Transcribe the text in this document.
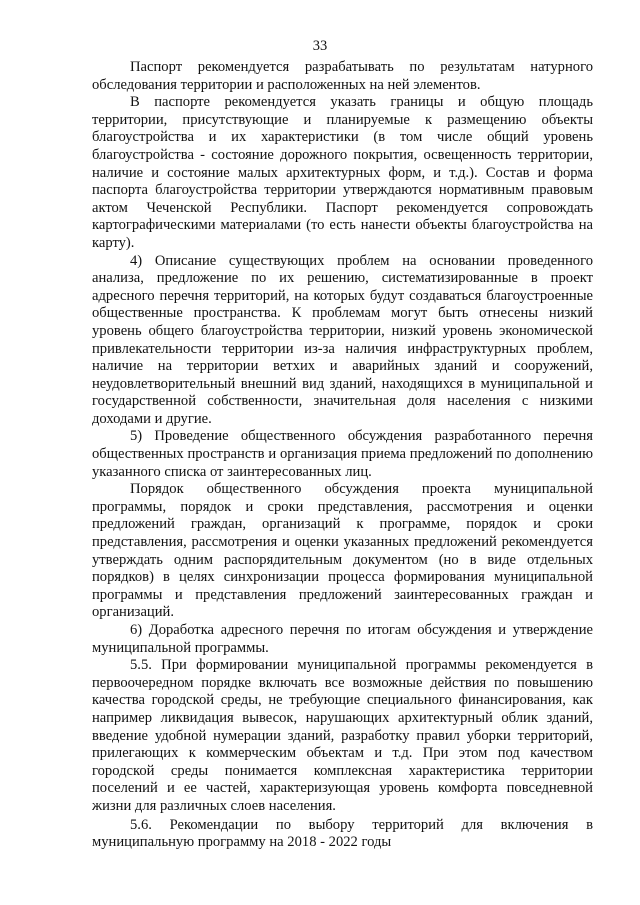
33

Паспорт рекомендуется разрабатывать по результатам натурного обследования территории и расположенных на ней элементов.

В паспорте рекомендуется указать границы и общую площадь территории, присутствующие и планируемые к размещению объекты благоустройства и их характеристики (в том числе общий уровень благоустройства - состояние дорожного покрытия, освещенность территории, наличие и состояние малых архитектурных форм, и т.д.). Состав и форма паспорта благоустройства территории утверждаются нормативным правовым актом Чеченской Республики. Паспорт рекомендуется сопровождать картографическими материалами (то есть нанести объекты благоустройства на карту).

4) Описание существующих проблем на основании проведенного анализа, предложение по их решению, систематизированные в проект адресного перечня территорий, на которых будут создаваться благоустроенные общественные пространства. К проблемам могут быть отнесены низкий уровень общего благоустройства территории, низкий уровень экономической привлекательности территории из-за наличия инфраструктурных проблем, наличие на территории ветхих и аварийных зданий и сооружений, неудовлетворительный внешний вид зданий, находящихся в муниципальной и государственной собственности, значительная доля населения с низкими доходами и другие.

5) Проведение общественного обсуждения разработанного перечня общественных пространств и организация приема предложений по дополнению указанного списка от заинтересованных лиц.

Порядок общественного обсуждения проекта муниципальной программы, порядок и сроки представления, рассмотрения и оценки предложений граждан, организаций к программе, порядок и сроки представления, рассмотрения и оценки указанных предложений рекомендуется утверждать одним распорядительным документом (но в виде отдельных порядков) в целях синхронизации процесса формирования муниципальной программы и представления предложений заинтересованных граждан и организаций.

6) Доработка адресного перечня по итогам обсуждения и утверждение муниципальной программы.

5.5. При формировании муниципальной программы рекомендуется в первоочередном порядке включать все возможные действия по повышению качества городской среды, не требующие специального финансирования, как например ликвидация вывесок, нарушающих архитектурный облик зданий, введение удобной нумерации зданий, разработку правил уборки территорий, прилегающих к коммерческим объектам и т.д. При этом под качеством городской среды понимается комплексная характеристика территории поселений и ее частей, характеризующая уровень комфорта повседневной жизни для различных слоев населения.

5.6. Рекомендации по выбору территорий для включения в муниципальную программу на 2018 - 2022 годы
